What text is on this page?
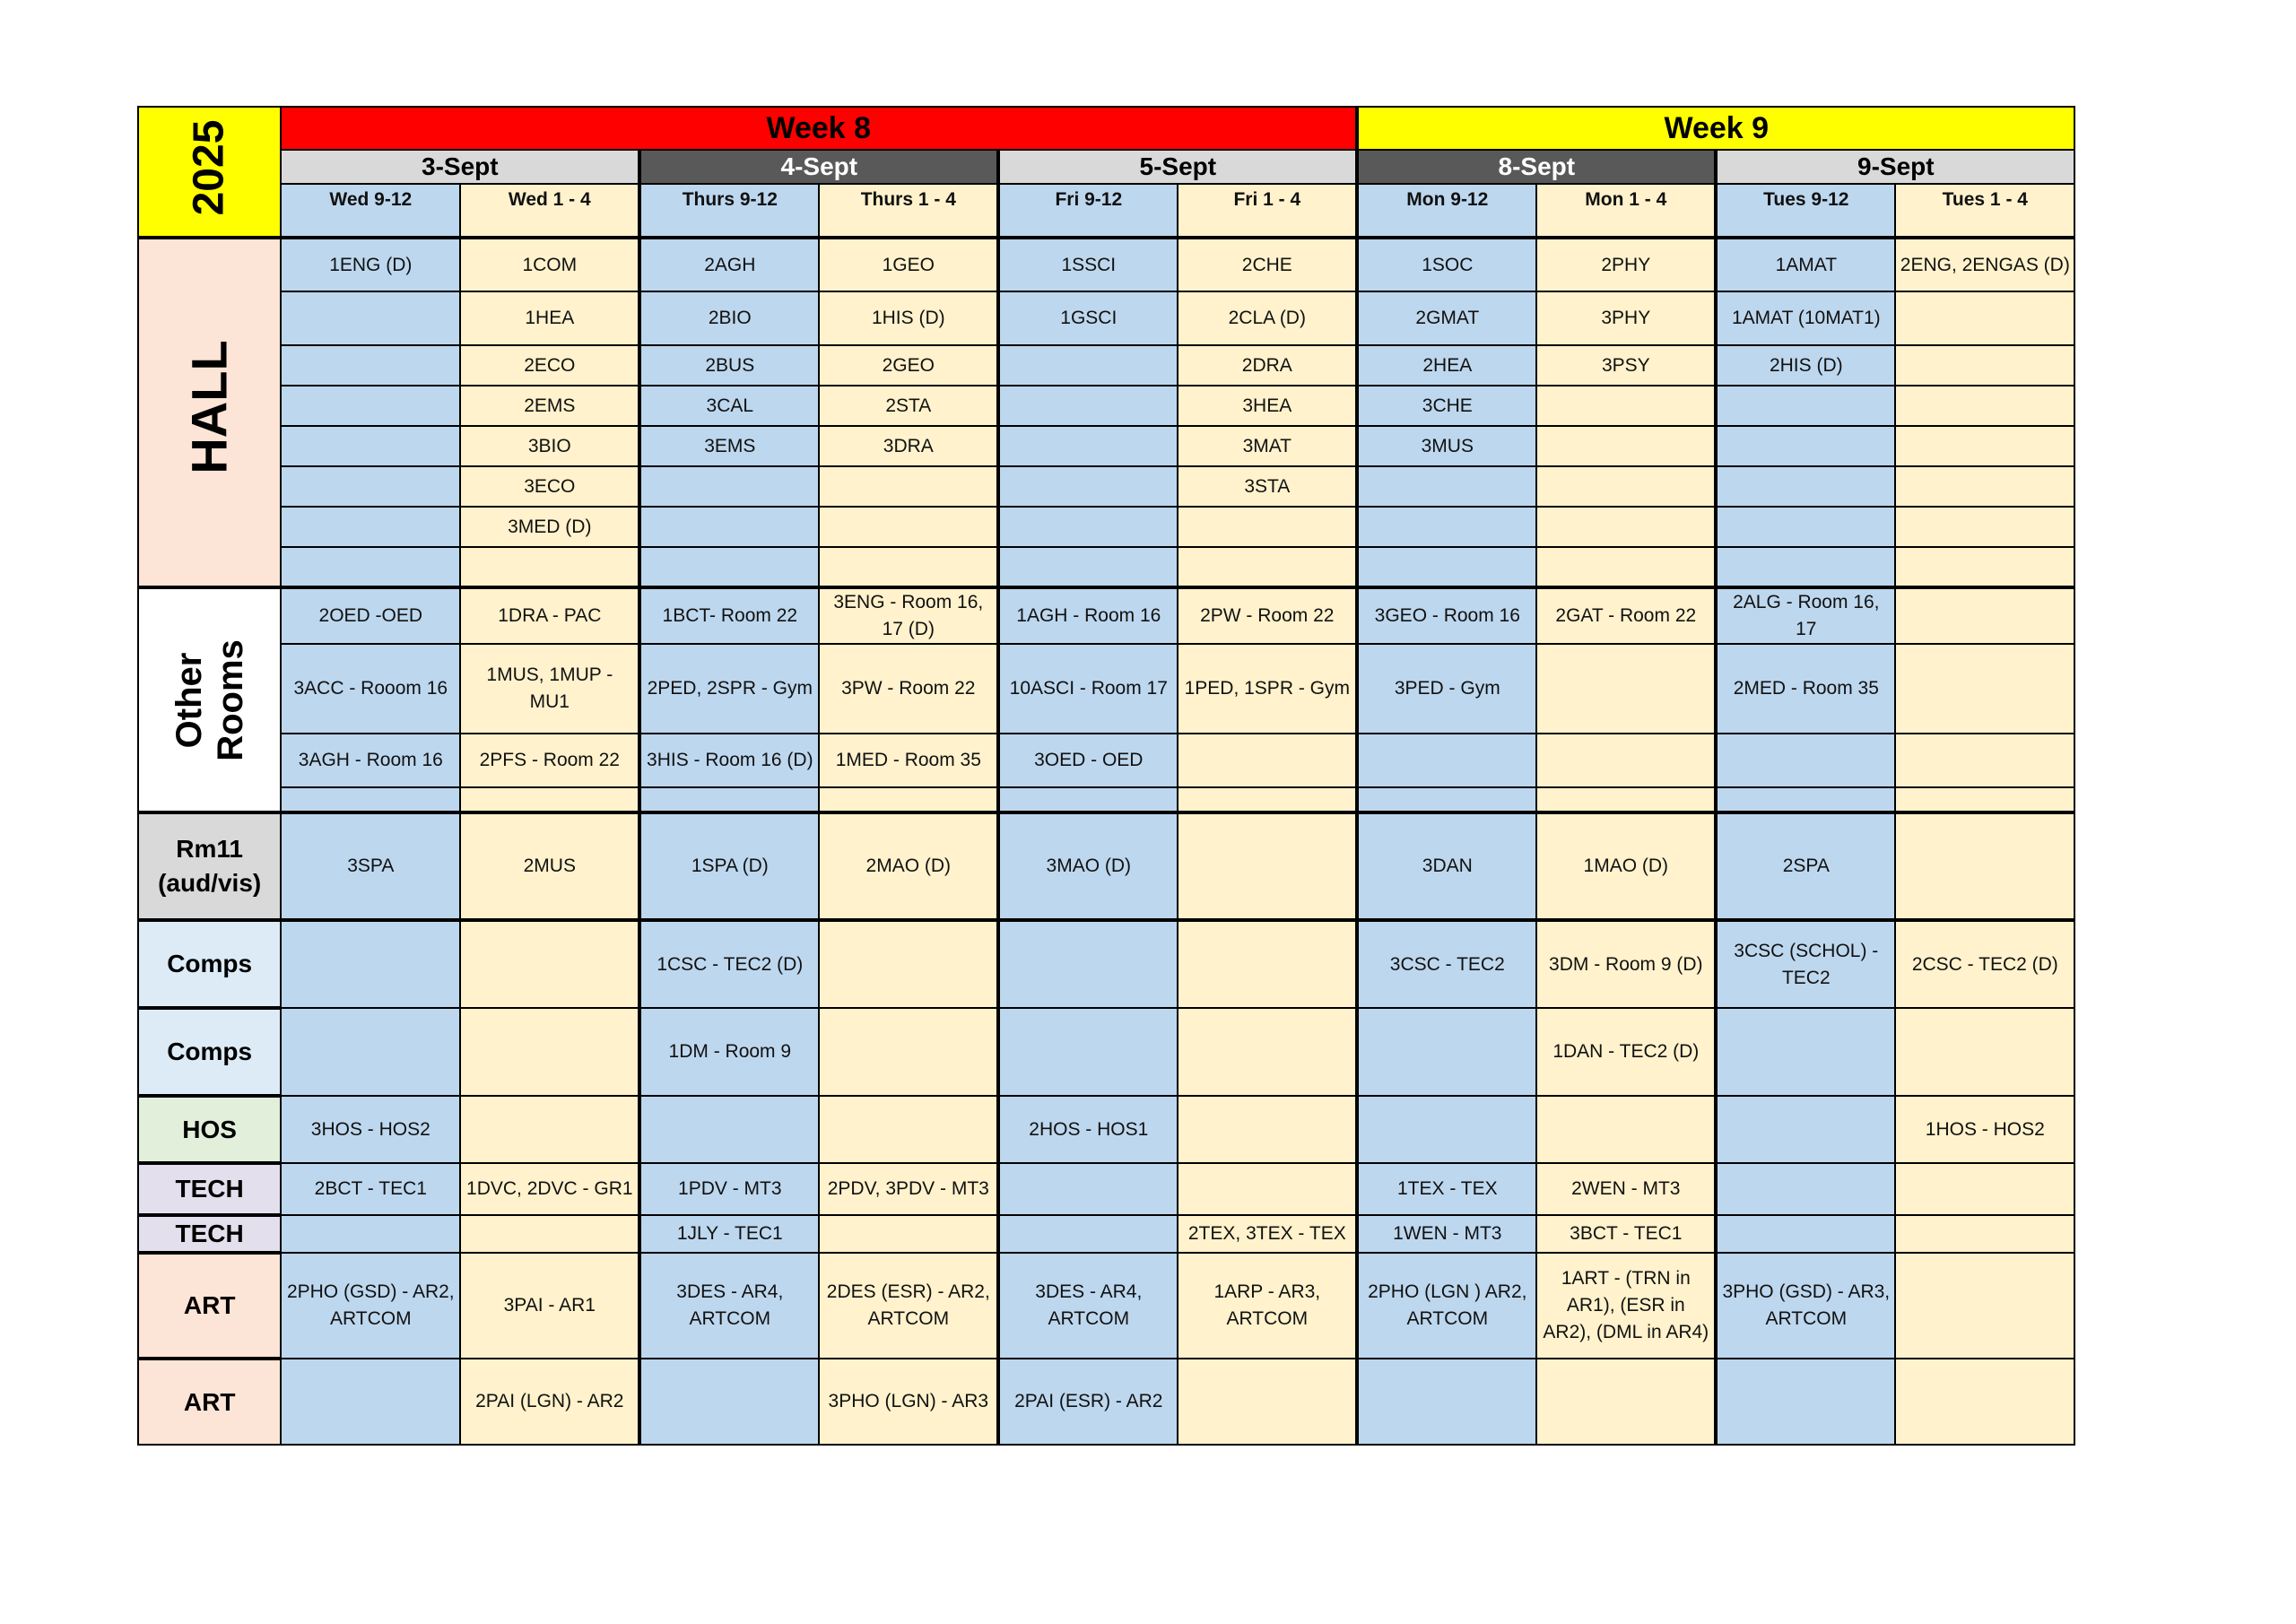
2025	Week 8						Week 9			
	3-Sept		4-Sept		5-Sept		8-Sept		9-Sept	
	Wed 9-12	Wed 1 - 4	Thurs 9-12	Thurs 1 - 4	Fri 9-12	Fri 1 - 4	Mon 9-12	Mon 1 - 4	Tues 9-12	Tues 1 - 4
HALL	1ENG (D)	1COM	2AGH	1GEO	1SSCI	2CHE	1SOC	2PHY	1AMAT	2ENG, 2ENGAS (D)
		1HEA	2BIO	1HIS (D)	1GSCI	2CLA (D)	2GMAT	3PHY	1AMAT (10MAT1)	
		2ECO	2BUS	2GEO		2DRA	2HEA	3PSY	2HIS (D)	
		2EMS	3CAL	2STA		3HEA	3CHE			
		3BIO	3EMS	3DRA		3MAT	3MUS			
		3ECO				3STA				
		3MED (D)								

Other
Rooms	2OED -OED	1DRA - PAC	1BCT- Room 22	3ENG - Room 16, 17 (D)	1AGH - Room 16	2PW - Room 22	3GEO - Room 16	2GAT - Room 22	2ALG - Room 16, 17	
	3ACC - Rooom 16	1MUS, 1MUP - MU1	2PED, 2SPR - Gym	3PW - Room 22	10ASCI - Room 17	1PED, 1SPR - Gym	3PED - Gym		2MED - Room 35	
	3AGH - Room 16	2PFS - Room 22	3HIS - Room 16 (D)	1MED - Room 35	3OED - OED					

Rm11
(aud/vis)	3SPA	2MUS	1SPA (D)	2MAO (D)	3MAO (D)		3DAN	1MAO (D)	2SPA	
Comps			1CSC - TEC2 (D)				3CSC - TEC2	3DM - Room 9 (D)	3CSC (SCHOL) - TEC2	2CSC - TEC2 (D)
Comps			1DM - Room 9					1DAN - TEC2 (D)		
HOS	3HOS - HOS2				2HOS - HOS1					1HOS - HOS2
TECH	2BCT - TEC1	1DVC, 2DVC - GR1	1PDV - MT3	2PDV, 3PDV - MT3			1TEX - TEX	2WEN - MT3		
TECH			1JLY - TEC1			2TEX, 3TEX - TEX	1WEN - MT3	3BCT - TEC1		
ART	2PHO (GSD) - AR2, ARTCOM	3PAI - AR1	3DES - AR4, ARTCOM	2DES (ESR) - AR2, ARTCOM	3DES - AR4, ARTCOM	1ARP - AR3, ARTCOM	2PHO (LGN ) AR2, ARTCOM	1ART - (TRN in AR1), (ESR in AR2), (DML in AR4)	3PHO (GSD) - AR3, ARTCOM	
ART		2PAI (LGN) - AR2		3PHO (LGN) - AR3	2PAI (ESR) - AR2					
